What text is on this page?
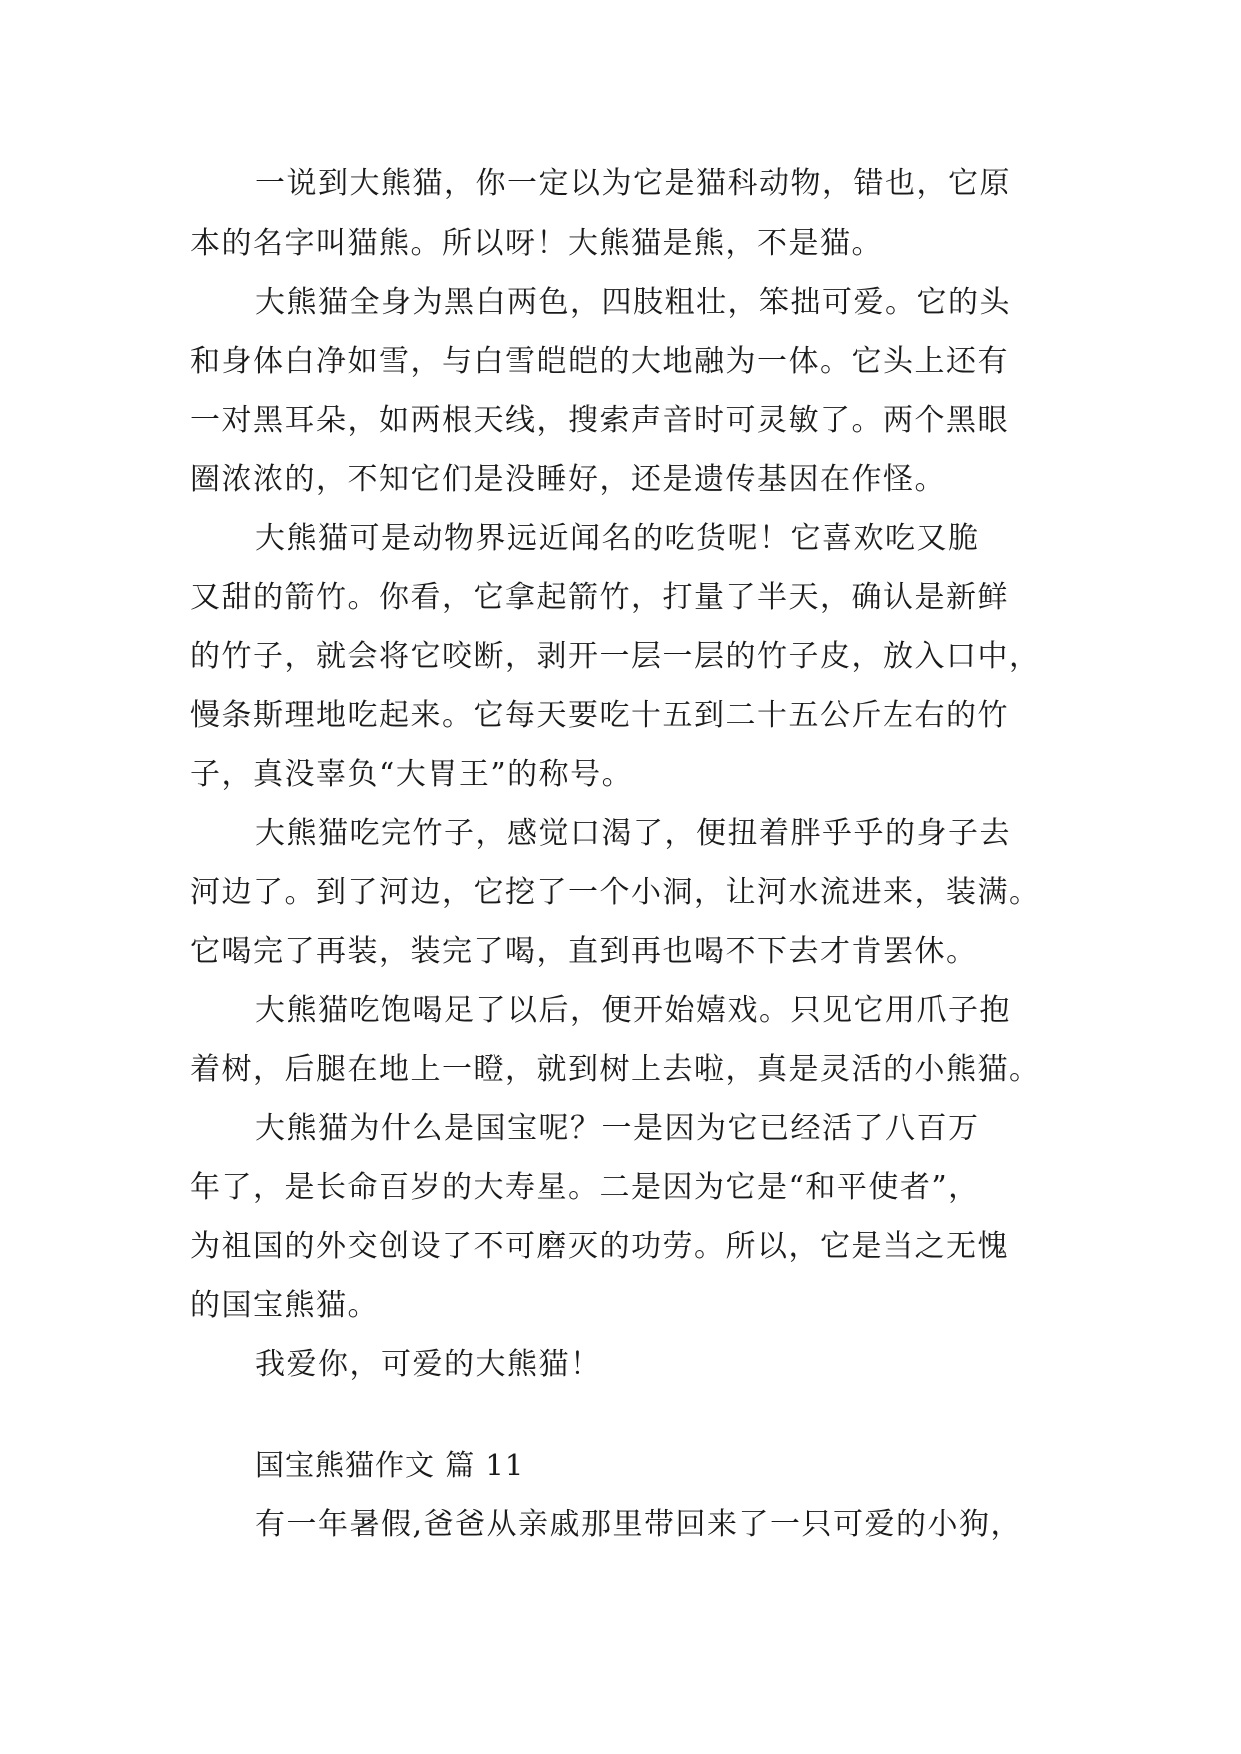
一说到大熊猫，你一定以为它是猫科动物，错也，它原
本的名字叫猫熊。所以呀！大熊猫是熊，不是猫。
大熊猫全身为黑白两色，四肢粗壮，笨拙可爱。它的头
和身体白净如雪，与白雪皑皑的大地融为一体。它头上还有
一对黑耳朵，如两根天线，搜索声音时可灵敏了。两个黑眼
圈浓浓的，不知它们是没睡好，还是遗传基因在作怪。
大熊猫可是动物界远近闻名的吃货呢！它喜欢吃又脆
又甜的箭竹。你看，它拿起箭竹，打量了半天，确认是新鲜
的竹子，就会将它咬断，剥开一层一层的竹子皮，放入口中，
慢条斯理地吃起来。它每天要吃十五到二十五公斤左右的竹
子，真没辜负“大胃王”的称号。
大熊猫吃完竹子，感觉口渴了，便扭着胖乎乎的身子去
河边了。到了河边，它挖了一个小洞，让河水流进来，装满。
它喝完了再装，装完了喝，直到再也喝不下去才肯罢休。
大熊猫吃饱喝足了以后，便开始嬉戏。只见它用爪子抱
着树，后腿在地上一瞪，就到树上去啦，真是灵活的小熊猫。
大熊猫为什么是国宝呢？一是因为它已经活了八百万
年了，是长命百岁的大寿星。二是因为它是“和平使者”，
为祖国的外交创设了不可磨灭的功劳。所以，它是当之无愧
的国宝熊猫。
我爱你，可爱的大熊猫！
国宝熊猫作文 篇 11
有一年暑假,爸爸从亲戚那里带回来了一只可爱的小狗，
